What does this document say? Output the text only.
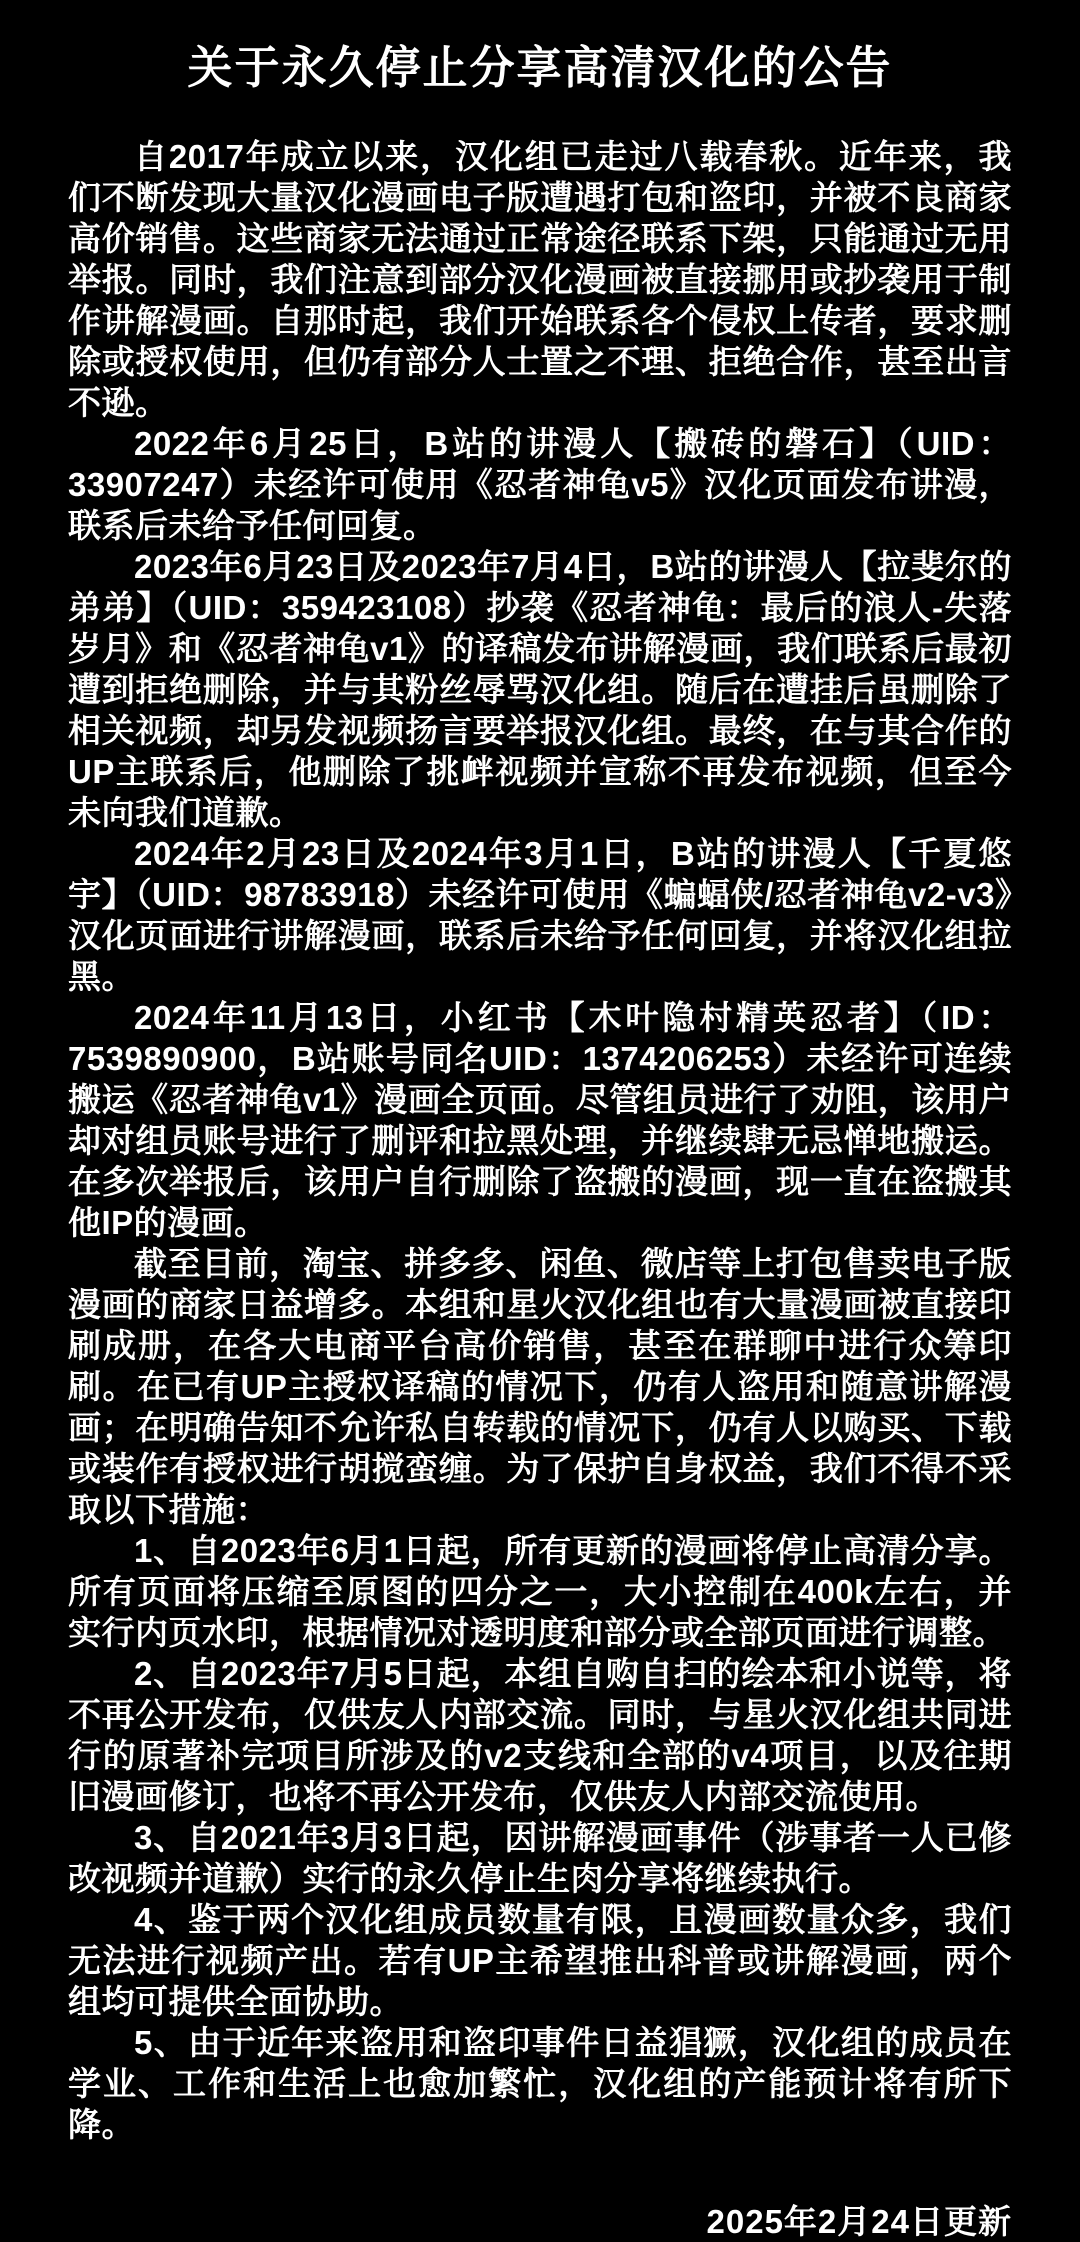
关于永久停止分享高清汉化的公告

自2017年成立以来，汉化组已走过八载春秋。近年来，我们不断发现大量汉化漫画电子版遭遇打包和盗印，并被不良商家高价销售。这些商家无法通过正常途径联系下架，只能通过无用举报。同时，我们注意到部分汉化漫画被直接挪用或抄袭用于制作讲解漫画。自那时起，我们开始联系各个侵权上传者，要求删除或授权使用，但仍有部分人士置之不理、拒绝合作，甚至出言不逊。

2022年6月25日，B站的讲漫人【搬砖的磐石】（UID：33907247）未经许可使用《忍者神龟v5》汉化页面发布讲漫，联系后未给予任何回复。

2023年6月23日及2023年7月4日，B站的讲漫人【拉斐尔的弟弟】（UID：359423108）抄袭《忍者神龟：最后的浪人-失落岁月》和《忍者神龟v1》的译稿发布讲解漫画，我们联系后最初遭到拒绝删除，并与其粉丝辱骂汉化组。随后在遭挂后虽删除了相关视频，却另发视频扬言要举报汉化组。最终，在与其合作的UP主联系后，他删除了挑衅视频并宣称不再发布视频，但至今未向我们道歉。

2024年2月23日及2024年3月1日，B站的讲漫人【千夏悠宇】（UID：98783918）未经许可使用《蝙蝠侠/忍者神龟v2-v3》汉化页面进行讲解漫画，联系后未给予任何回复，并将汉化组拉黑。

2024年11月13日，小红书【木叶隐村精英忍者】（ID：7539890900，B站账号同名UID：1374206253）未经许可连续搬运《忍者神龟v1》漫画全页面。尽管组员进行了劝阻，该用户却对组员账号进行了删评和拉黑处理，并继续肆无忌惮地搬运。在多次举报后，该用户自行删除了盗搬的漫画，现一直在盗搬其他IP的漫画。

截至目前，淘宝、拼多多、闲鱼、微店等上打包售卖电子版漫画的商家日益增多。本组和星火汉化组也有大量漫画被直接印刷成册，在各大电商平台高价销售，甚至在群聊中进行众筹印刷。在已有UP主授权译稿的情况下，仍有人盗用和随意讲解漫画；在明确告知不允许私自转载的情况下，仍有人以购买、下载或装作有授权进行胡搅蛮缠。为了保护自身权益，我们不得不采取以下措施：

1、自2023年6月1日起，所有更新的漫画将停止高清分享。所有页面将压缩至原图的四分之一，大小控制在400k左右，并实行内页水印，根据情况对透明度和部分或全部页面进行调整。

2、自2023年7月5日起，本组自购自扫的绘本和小说等，将不再公开发布，仅供友人内部交流。同时，与星火汉化组共同进行的原著补完项目所涉及的v2支线和全部的v4项目，以及往期旧漫画修订，也将不再公开发布，仅供友人内部交流使用。

3、自2021年3月3日起，因讲解漫画事件（涉事者一人已修改视频并道歉）实行的永久停止生肉分享将继续执行。

4、鉴于两个汉化组成员数量有限，且漫画数量众多，我们无法进行视频产出。若有UP主希望推出科普或讲解漫画，两个组均可提供全面协助。

5、由于近年来盗用和盗印事件日益猖獗，汉化组的成员在学业、工作和生活上也愈加繁忙，汉化组的产能预计将有所下降。

2025年2月24日更新
